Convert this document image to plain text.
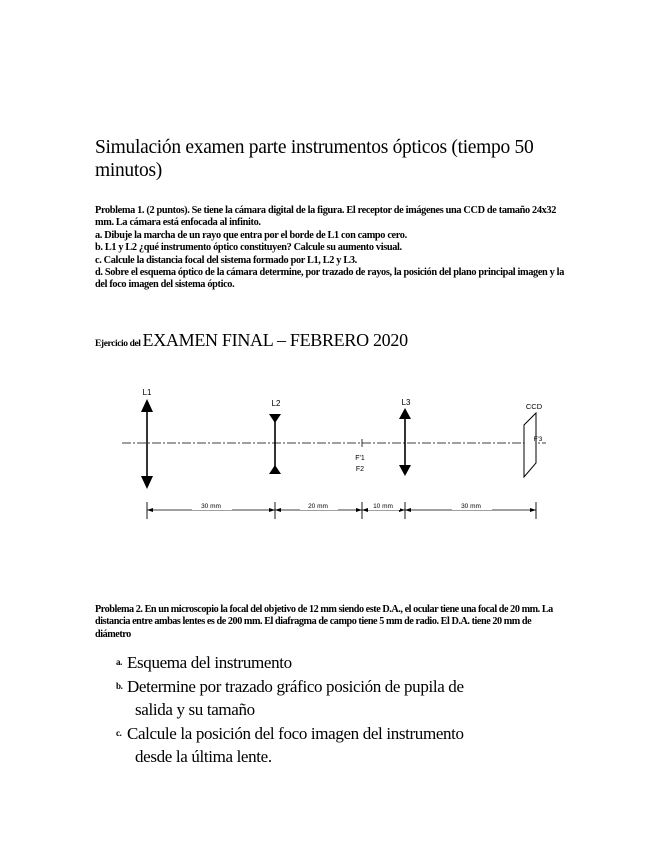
Simulación examen parte instrumentos ópticos (tiempo 50 minutos)

Problema 1. (2 puntos). Se tiene la cámara digital de la figura. El receptor de imágenes una CCD de tamaño 24x32 mm. La cámara está enfocada al infinito.

a. Dibuje la marcha de un rayo que entra por el borde de L1 con campo cero.

b. L1 y L2 ¿qué instrumento óptico constituyen? Calcule su aumento visual.

c. Calcule la distancia focal del sistema formado por L1, L2 y L3.

d. Sobre el esquema óptico de la cámara determine, por trazado de rayos, la posición del plano principal imagen y la del foco imagen del sistema óptico.

Ejercicio del EXAMEN FINAL – FEBRERO 2020
L1
L2
F'1
F2
L3	CCD
F'3
30 mm	20 mm	10 mm	30 mm
Problema 2. En un microscopio la focal del objetivo de 12 mm siendo este D.A., el ocular tiene una focal de 20 mm. La distancia entre ambas lentes es de 200 mm. El diafragma de campo tiene 5 mm de radio. El D.A. tiene 20 mm de diámetro
a. Esquema del instrumento
b. Determine por trazado gráfico posición de pupila de
salida y su tamaño
c. Calcule la posición del foco imagen del instrumento
desde la última lente.
